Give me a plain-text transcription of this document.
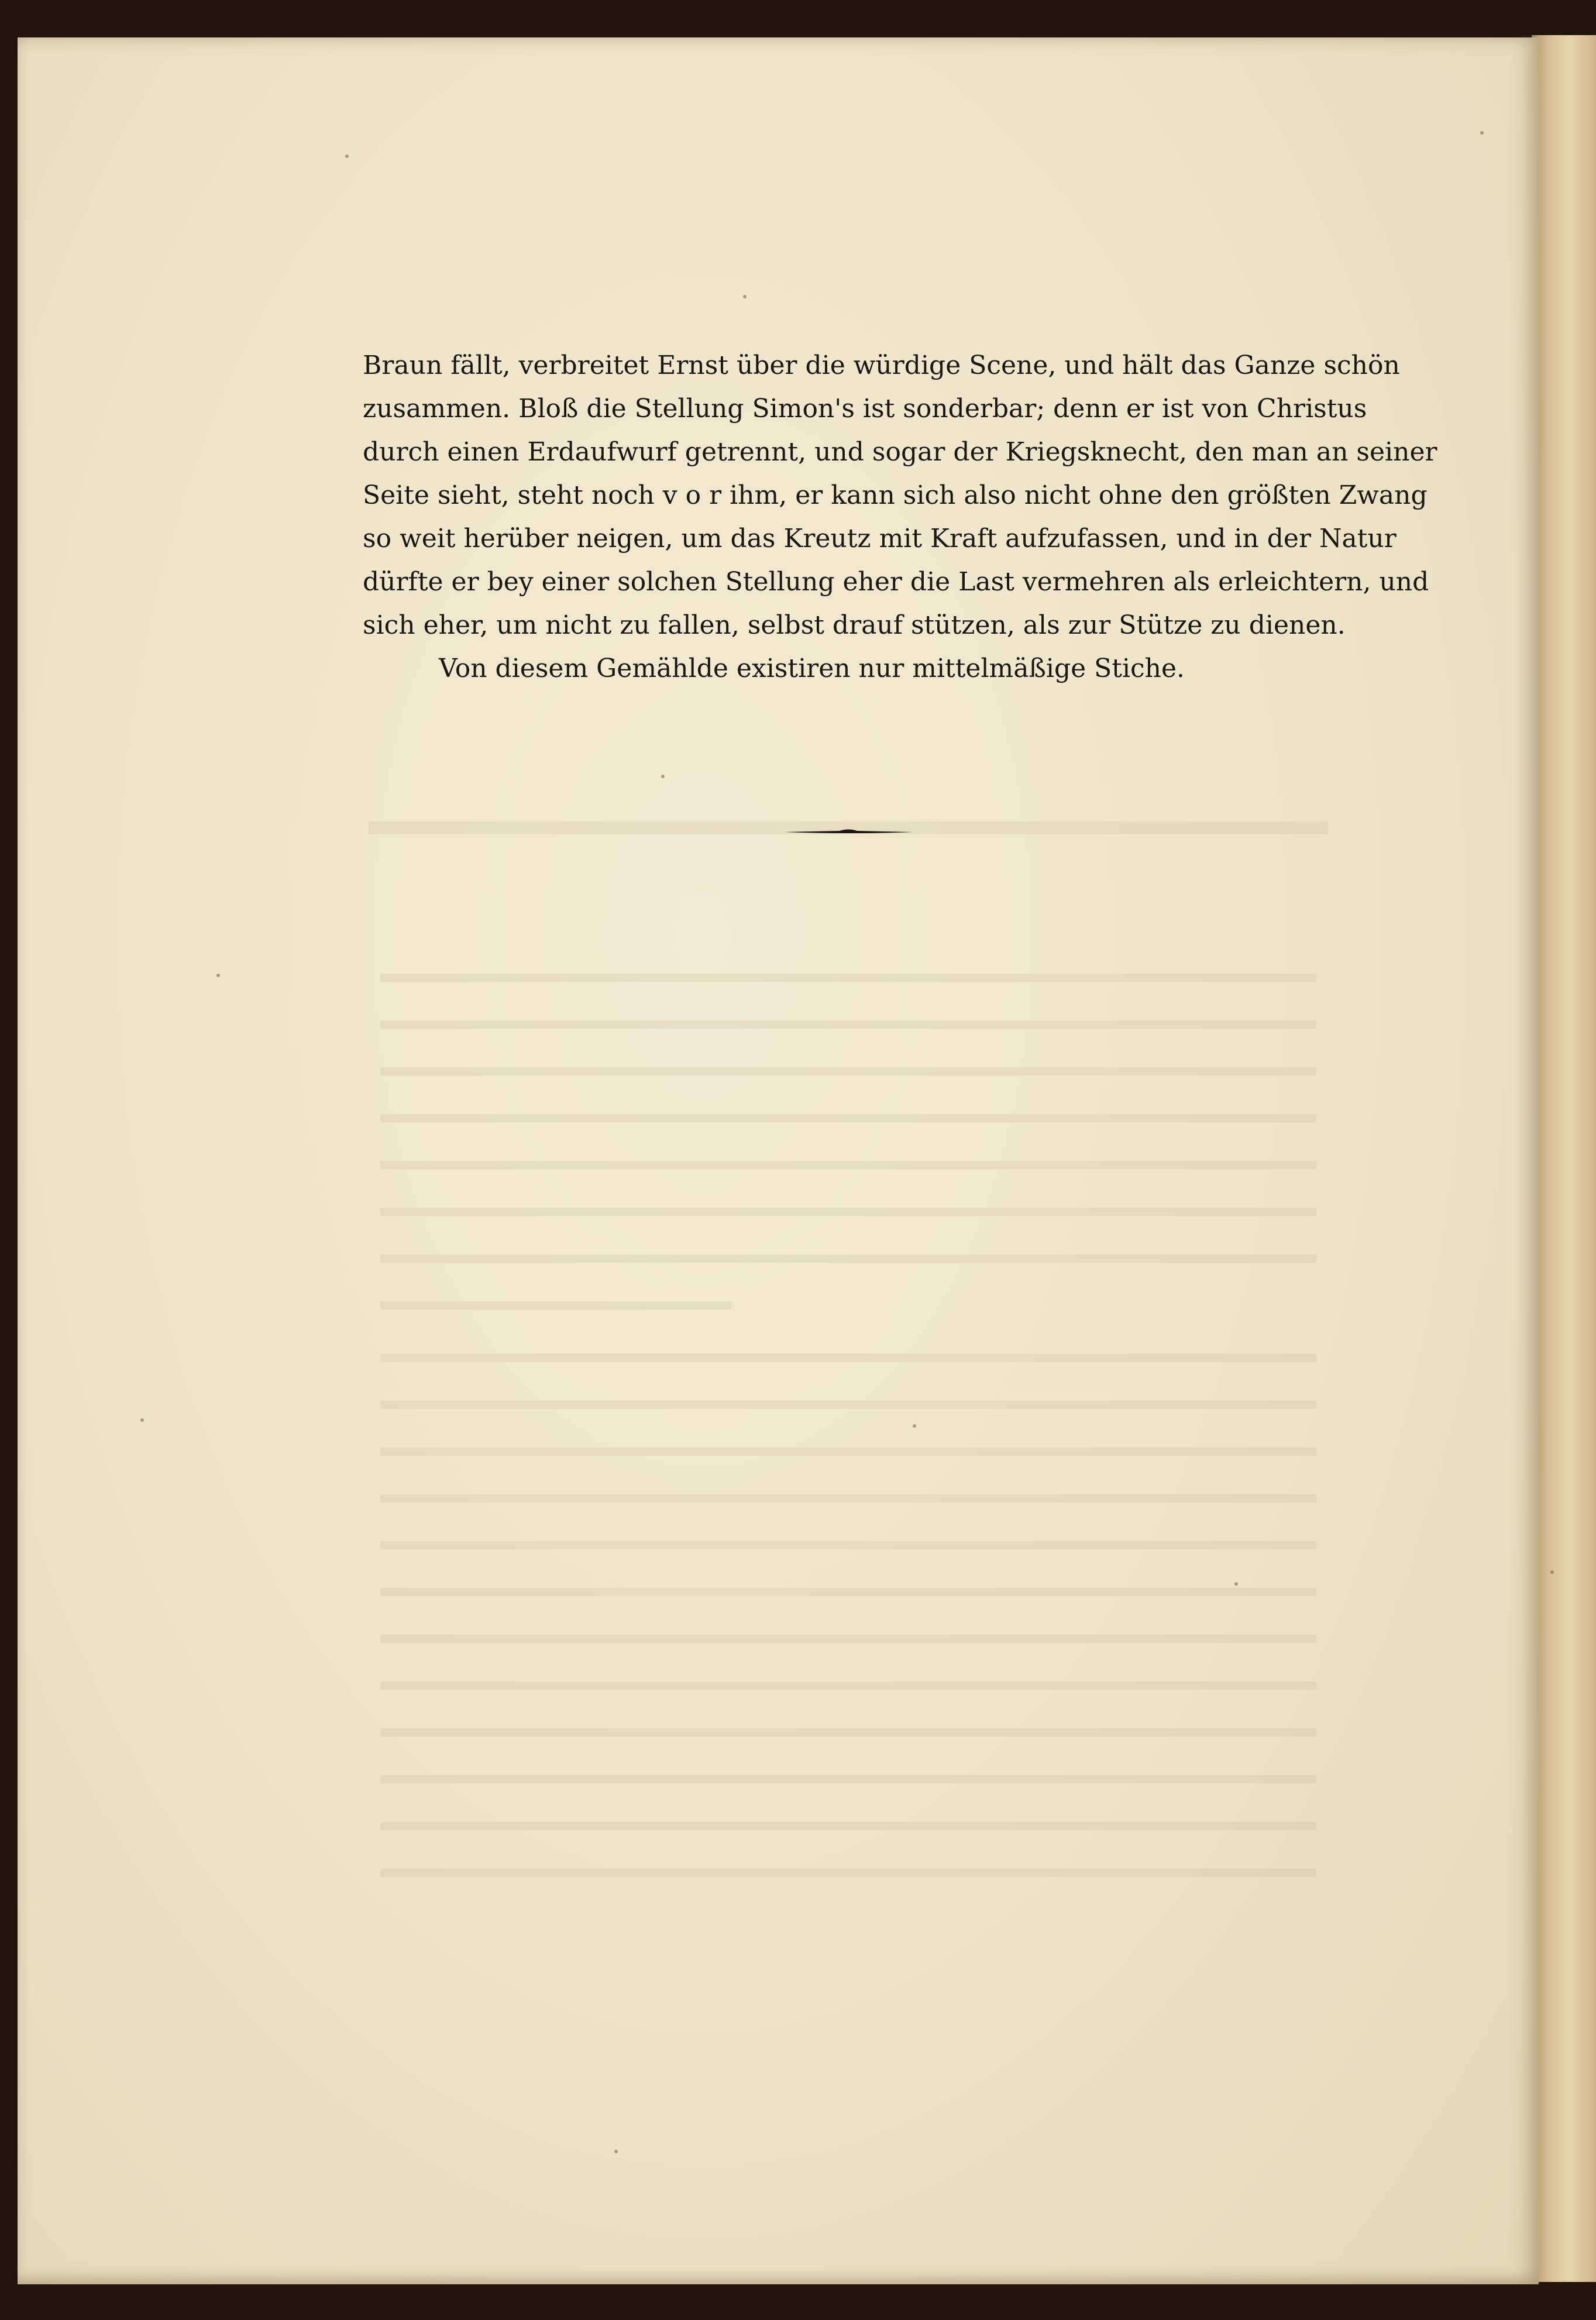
Braun fällt, verbreitet Ernst über die würdige Scene, und hält das Ganze schön
zusammen. Bloß die Stellung Simon's ist sonderbar; denn er ist von Christus
durch einen Erdaufwurf getrennt, und sogar der Kriegsknecht, den man an seiner
Seite sieht, steht noch v o r ihm, er kann sich also nicht ohne den größten Zwang
so weit herüber neigen, um das Kreutz mit Kraft aufzufassen, und in der Natur
dürfte er bey einer solchen Stellung eher die Last vermehren als erleichtern, und
sich eher, um nicht zu fallen, selbst drauf stützen, als zur Stütze zu dienen.
Von diesem Gemählde existiren nur mittelmäßige Stiche.
